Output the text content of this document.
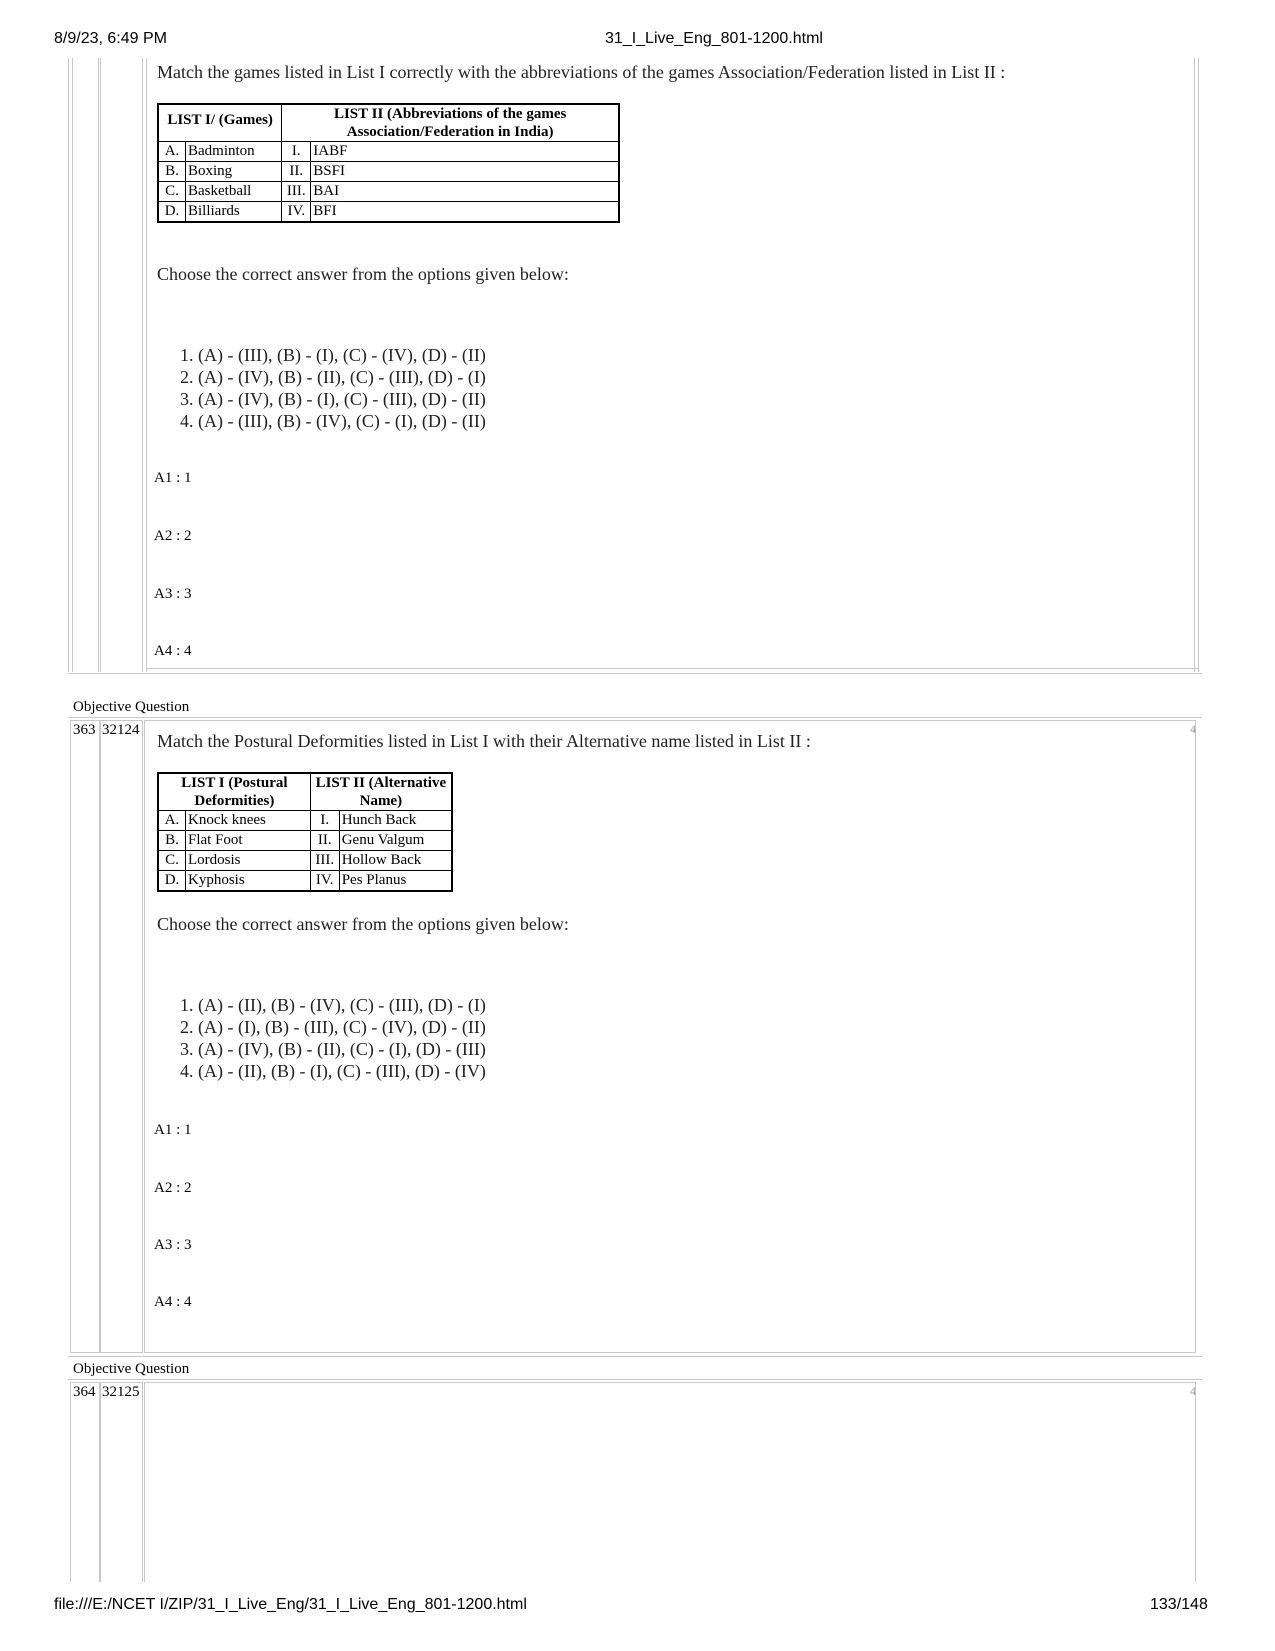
8/9/23, 6:49 PM	31_I_Live_Eng_801-1200.html
Match the games listed in List I correctly with the abbreviations of the games Association/Federation listed in List II :
LIST I/ (Games)		LIST II (Abbreviations of the games Association/Federation in India)	
A.	Badminton	I.	IABF
B.	Boxing	II.	BSFI
C.	Basketball	III.	BAI
D.	Billiards	IV.	BFI
Choose the correct answer from the options given below:
1. (A) - (III), (B) - (I), (C) - (IV), (D) - (II)
2. (A) - (IV), (B) - (II), (C) - (III), (D) - (I)
3. (A) - (IV), (B) - (I), (C) - (III), (D) - (II)
4. (A) - (III), (B) - (IV), (C) - (I), (D) - (II)
A1 : 1
A2 : 2
A3 : 3
A4 : 4
Objective Question
363 32124	4
Match the Postural Deformities listed in List I with their Alternative name listed in List II :
LIST I (Postural Deformities)		LIST II (Alternative Name)	
A.	Knock knees	I.	Hunch Back
B.	Flat Foot	II.	Genu Valgum
C.	Lordosis	III.	Hollow Back
D.	Kyphosis	IV.	Pes Planus
Choose the correct answer from the options given below:
1. (A) - (II), (B) - (IV), (C) - (III), (D) - (I)
2. (A) - (I), (B) - (III), (C) - (IV), (D) - (II)
3. (A) - (IV), (B) - (II), (C) - (I), (D) - (III)
4. (A) - (II), (B) - (I), (C) - (III), (D) - (IV)
A1 : 1
A2 : 2
A3 : 3
A4 : 4
Objective Question
364 32125	4
file:///E:/NCET I/ZIP/31_I_Live_Eng/31_I_Live_Eng_801-1200.html	133/148
